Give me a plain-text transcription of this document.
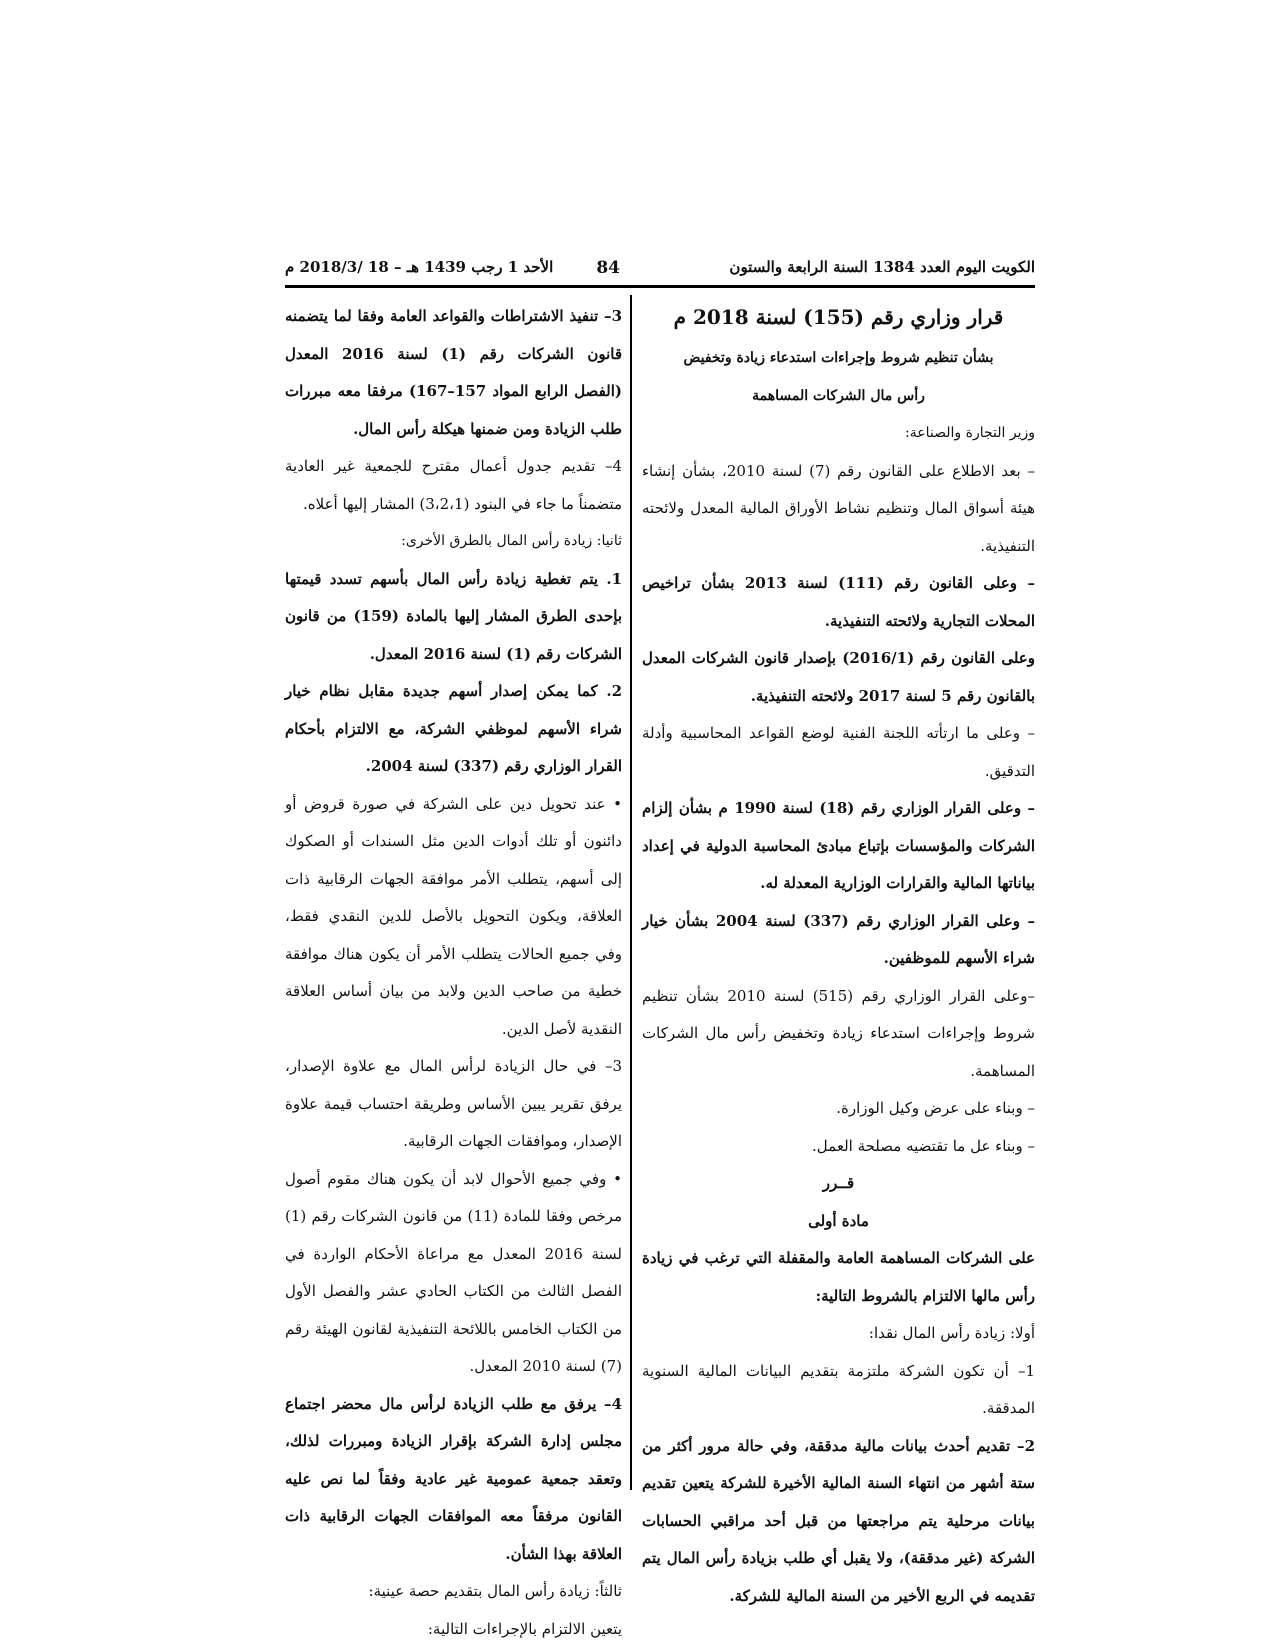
الكويت اليوم العدد 1384 السنة الرابعة والستون
84
الأحد 1 رجب 1439 هـ – 18 /2018/3 م

قرار وزاري رقم (155) لسنة 2018 م

بشأن تنظيم شروط وإجراءات استدعاء زيادة وتخفيض

رأس مال الشركات المساهمة

وزير التجارة والصناعة:

– بعد الاطلاع على القانون رقم (7) لسنة 2010، بشأن إنشاء هيئة أسواق المال وتنظيم نشاط الأوراق المالية المعدل ولائحته التنفيذية.

– وعلى القانون رقم (111) لسنة 2013 بشأن تراخيص المحلات التجارية ولائحته التنفيذية.

وعلى القانون رقم (2016/1) بإصدار قانون الشركات المعدل بالقانون رقم 5 لسنة 2017 ولائحته التنفيذية.

– وعلى ما ارتأته اللجنة الفنية لوضع القواعد المحاسبية وأدلة التدقيق.

– وعلى القرار الوزاري رقم (18) لسنة 1990 م بشأن إلزام الشركات والمؤسسات بإتباع مبادئ المحاسبة الدولية في إعداد بياناتها المالية والقرارات الوزارية المعدلة له.

– وعلى القرار الوزاري رقم (337) لسنة 2004 بشأن خيار شراء الأسهم للموظفين.

–وعلى القرار الوزاري رقم (515) لسنة 2010 بشأن تنظيم شروط وإجراءات استدعاء زيادة وتخفيض رأس مال الشركات المساهمة.

– وبناء على عرض وكيل الوزارة.

– وبناء عل ما تقتضيه مصلحة العمل.

قــرر

مادة أولى

على الشركات المساهمة العامة والمقفلة التي ترغب في زيادة رأس مالها الالتزام بالشروط التالية:

أولا: زيادة رأس المال نقدا:

1– أن تكون الشركة ملتزمة بتقديم البيانات المالية السنوية المدققة.

2– تقديم أحدث بيانات مالية مدققة، وفي حالة مرور أكثر من ستة أشهر من انتهاء السنة المالية الأخيرة للشركة يتعين تقديم بيانات مرحلية يتم مراجعتها من قبل أحد مراقبي الحسابات الشركة (غير مدققة)، ولا يقبل أي طلب بزيادة رأس المال يتم تقديمه في الربع الأخير من السنة المالية للشركة.

3– تنفيذ الاشتراطات والقواعد العامة وفقا لما يتضمنه قانون الشركات رقم (1) لسنة 2016 المعدل (الفصل الرابع المواد 157–167) مرفقا معه مبررات طلب الزيادة ومن ضمنها هيكلة رأس المال.

4– تقديم جدول أعمال مقترح للجمعية غير العادية متضمناً ما جاء في البنود (3،2،1) المشار إليها أعلاه.

ثانيا: زيادة رأس المال بالطرق الأخرى:

1. يتم تغطية زيادة رأس المال بأسهم تسدد قيمتها بإحدى الطرق المشار إليها بالمادة (159) من قانون الشركات رقم (1) لسنة 2016 المعدل.

2. كما يمكن إصدار أسهم جديدة مقابل نظام خيار شراء الأسهم لموظفي الشركة، مع الالتزام بأحكام القرار الوزاري رقم (337) لسنة 2004.

• عند تحويل دين على الشركة في صورة قروض أو دائنون أو تلك أدوات الدين مثل السندات أو الصكوك إلى أسهم، يتطلب الأمر موافقة الجهات الرقابية ذات العلاقة، ويكون التحويل بالأصل للدين النقدي فقط، وفي جميع الحالات يتطلب الأمر أن يكون هناك موافقة خطية من صاحب الدين ولابد من بيان أساس العلاقة النقدية لأصل الدين.

3– في حال الزيادة لرأس المال مع علاوة الإصدار، يرفق تقرير يبين الأساس وطريقة احتساب قيمة علاوة الإصدار، وموافقات الجهات الرقابية.

• وفي جميع الأحوال لابد أن يكون هناك مقوم أصول مرخص وفقا للمادة (11) من قانون الشركات رقم (1) لسنة 2016 المعدل مع مراعاة الأحكام الواردة في الفصل الثالث من الكتاب الحادي عشر والفصل الأول من الكتاب الخامس باللائحة التنفيذية لقانون الهيئة رقم (7) لسنة 2010 المعدل.

4– يرفق مع طلب الزيادة لرأس مال محضر اجتماع مجلس إدارة الشركة بإقرار الزيادة ومبررات لذلك، وتعقد جمعية عمومية غير عادية وفقاً لما نص عليه القانون مرفقاً معه الموافقات الجهات الرقابية ذات العلاقة بهذا الشأن.

ثالثاً: زيادة رأس المال بتقديم حصة عينية:

يتعين الالتزام بالإجراءات التالية:
